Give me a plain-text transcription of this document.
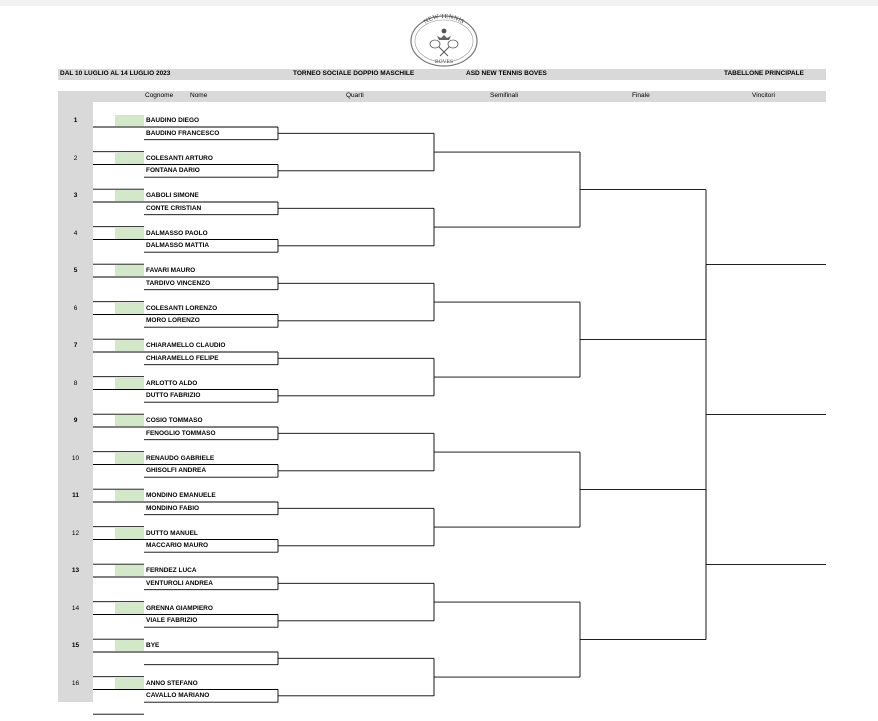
NEW TENNIS
BOVES
DAL 10 LUGLIO AL 14 LUGLIO 2023	TORNEO SOCIALE DOPPIO MASCHILE	ASD NEW TENNIS BOVES	TABELLONE PRINCIPALE
Cognome	Nome	Quarti	Semifinali	Finale	Vincitori
1	BAUDINO DIEGO
BAUDINO FRANCESCO
2	COLESANTI ARTURO
FONTANA DARIO
3	GABOLI SIMONE
CONTE CRISTIAN
4	DALMASSO PAOLO
DALMASSO MATTIA
5	FAVARI MAURO
TARDIVO VINCENZO
6	COLESANTI LORENZO
MORO LORENZO
7	CHIARAMELLO CLAUDIO
CHIARAMELLO FELIPE
8	ARLOTTO ALDO
DUTTO FABRIZIO
9	COSIO TOMMASO
FENOGLIO TOMMASO
10	RENAUDO GABRIELE
GHISOLFI ANDREA
11	MONDINO EMANUELE
MONDINO FABIO
12	DUTTO MANUEL
MACCARIO MAURO
13	FERNDEZ LUCA
VENTUROLI ANDREA
14	GRENNA GIAMPIERO
VIALE FABRIZIO
15	BYE
16	ANNO STEFANO
CAVALLO MARIANO
